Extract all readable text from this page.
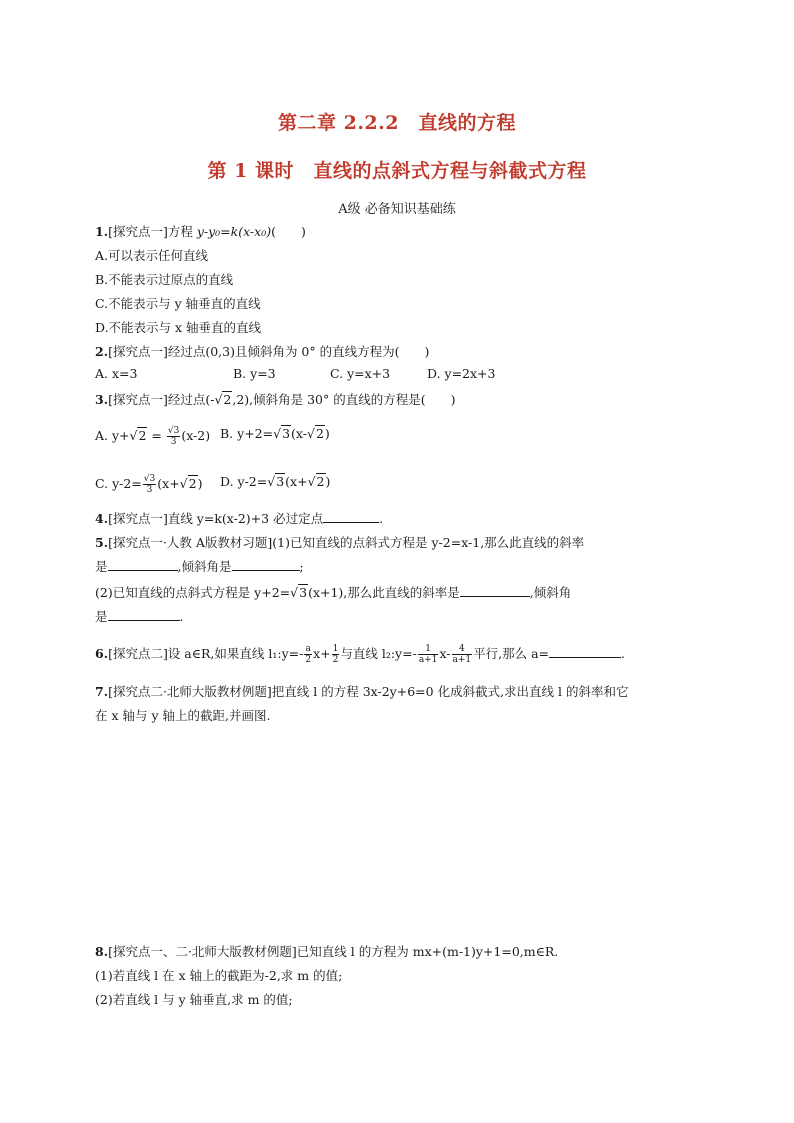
第二章 2.2.2　直线的方程
第 1 课时　直线的点斜式方程与斜截式方程
A级 必备知识基础练
1.[探究点一]方程 y-y₀=k(x-x₀)(　　)
A.可以表示任何直线
B.不能表示过原点的直线
C.不能表示与 y 轴垂直的直线
D.不能表示与 x 轴垂直的直线
2.[探究点一]经过点(0,3)且倾斜角为 0° 的直线方程为(　　)
A. x=3	B. y=3	C. y=x+3	D. y=2x+3
3.[探究点一]经过点(-√2,2),倾斜角是 30° 的直线的方程是(　　)
A. $y+√2 = \frac{√3}{3} (x-2)$ B. y+2=√3(x-√2)
C. $y-2= \frac{√3}{3} (x+√2)$ D. y-2=√3(x+√2)
4.[探究点一]直线 y=k(x-2)+3 必过定点	.
5.[探究点一·人教 A版教材习题](1)已知直线的点斜式方程是 y-2=x-1,那么此直线的斜率
是	,倾斜角是	;
(2)已知直线的点斜式方程是 y+2=√3(x+1),那么此直线的斜率是	,倾斜角
是	.
6.[探究点二]设 a∈R,如果直线 l₁:y=- $\frac{a}{2} x+ \frac{1}{2}$ 与直线 l₂:y=- $\frac{1}{a+1} x- \frac{4}{a+1}$ 平行,那么 a=	.
7.[探究点二·北师大版教材例题]把直线 l 的方程 3x-2y+6=0 化成斜截式,求出直线 l 的斜率和它
在 x 轴与 y 轴上的截距,并画图.
8.[探究点一、二·北师大版教材例题]已知直线 l 的方程为 mx+(m-1)y+1=0,m∈R.
(1)若直线 l 在 x 轴上的截距为-2,求 m 的值;
(2)若直线 l 与 y 轴垂直,求 m 的值;
